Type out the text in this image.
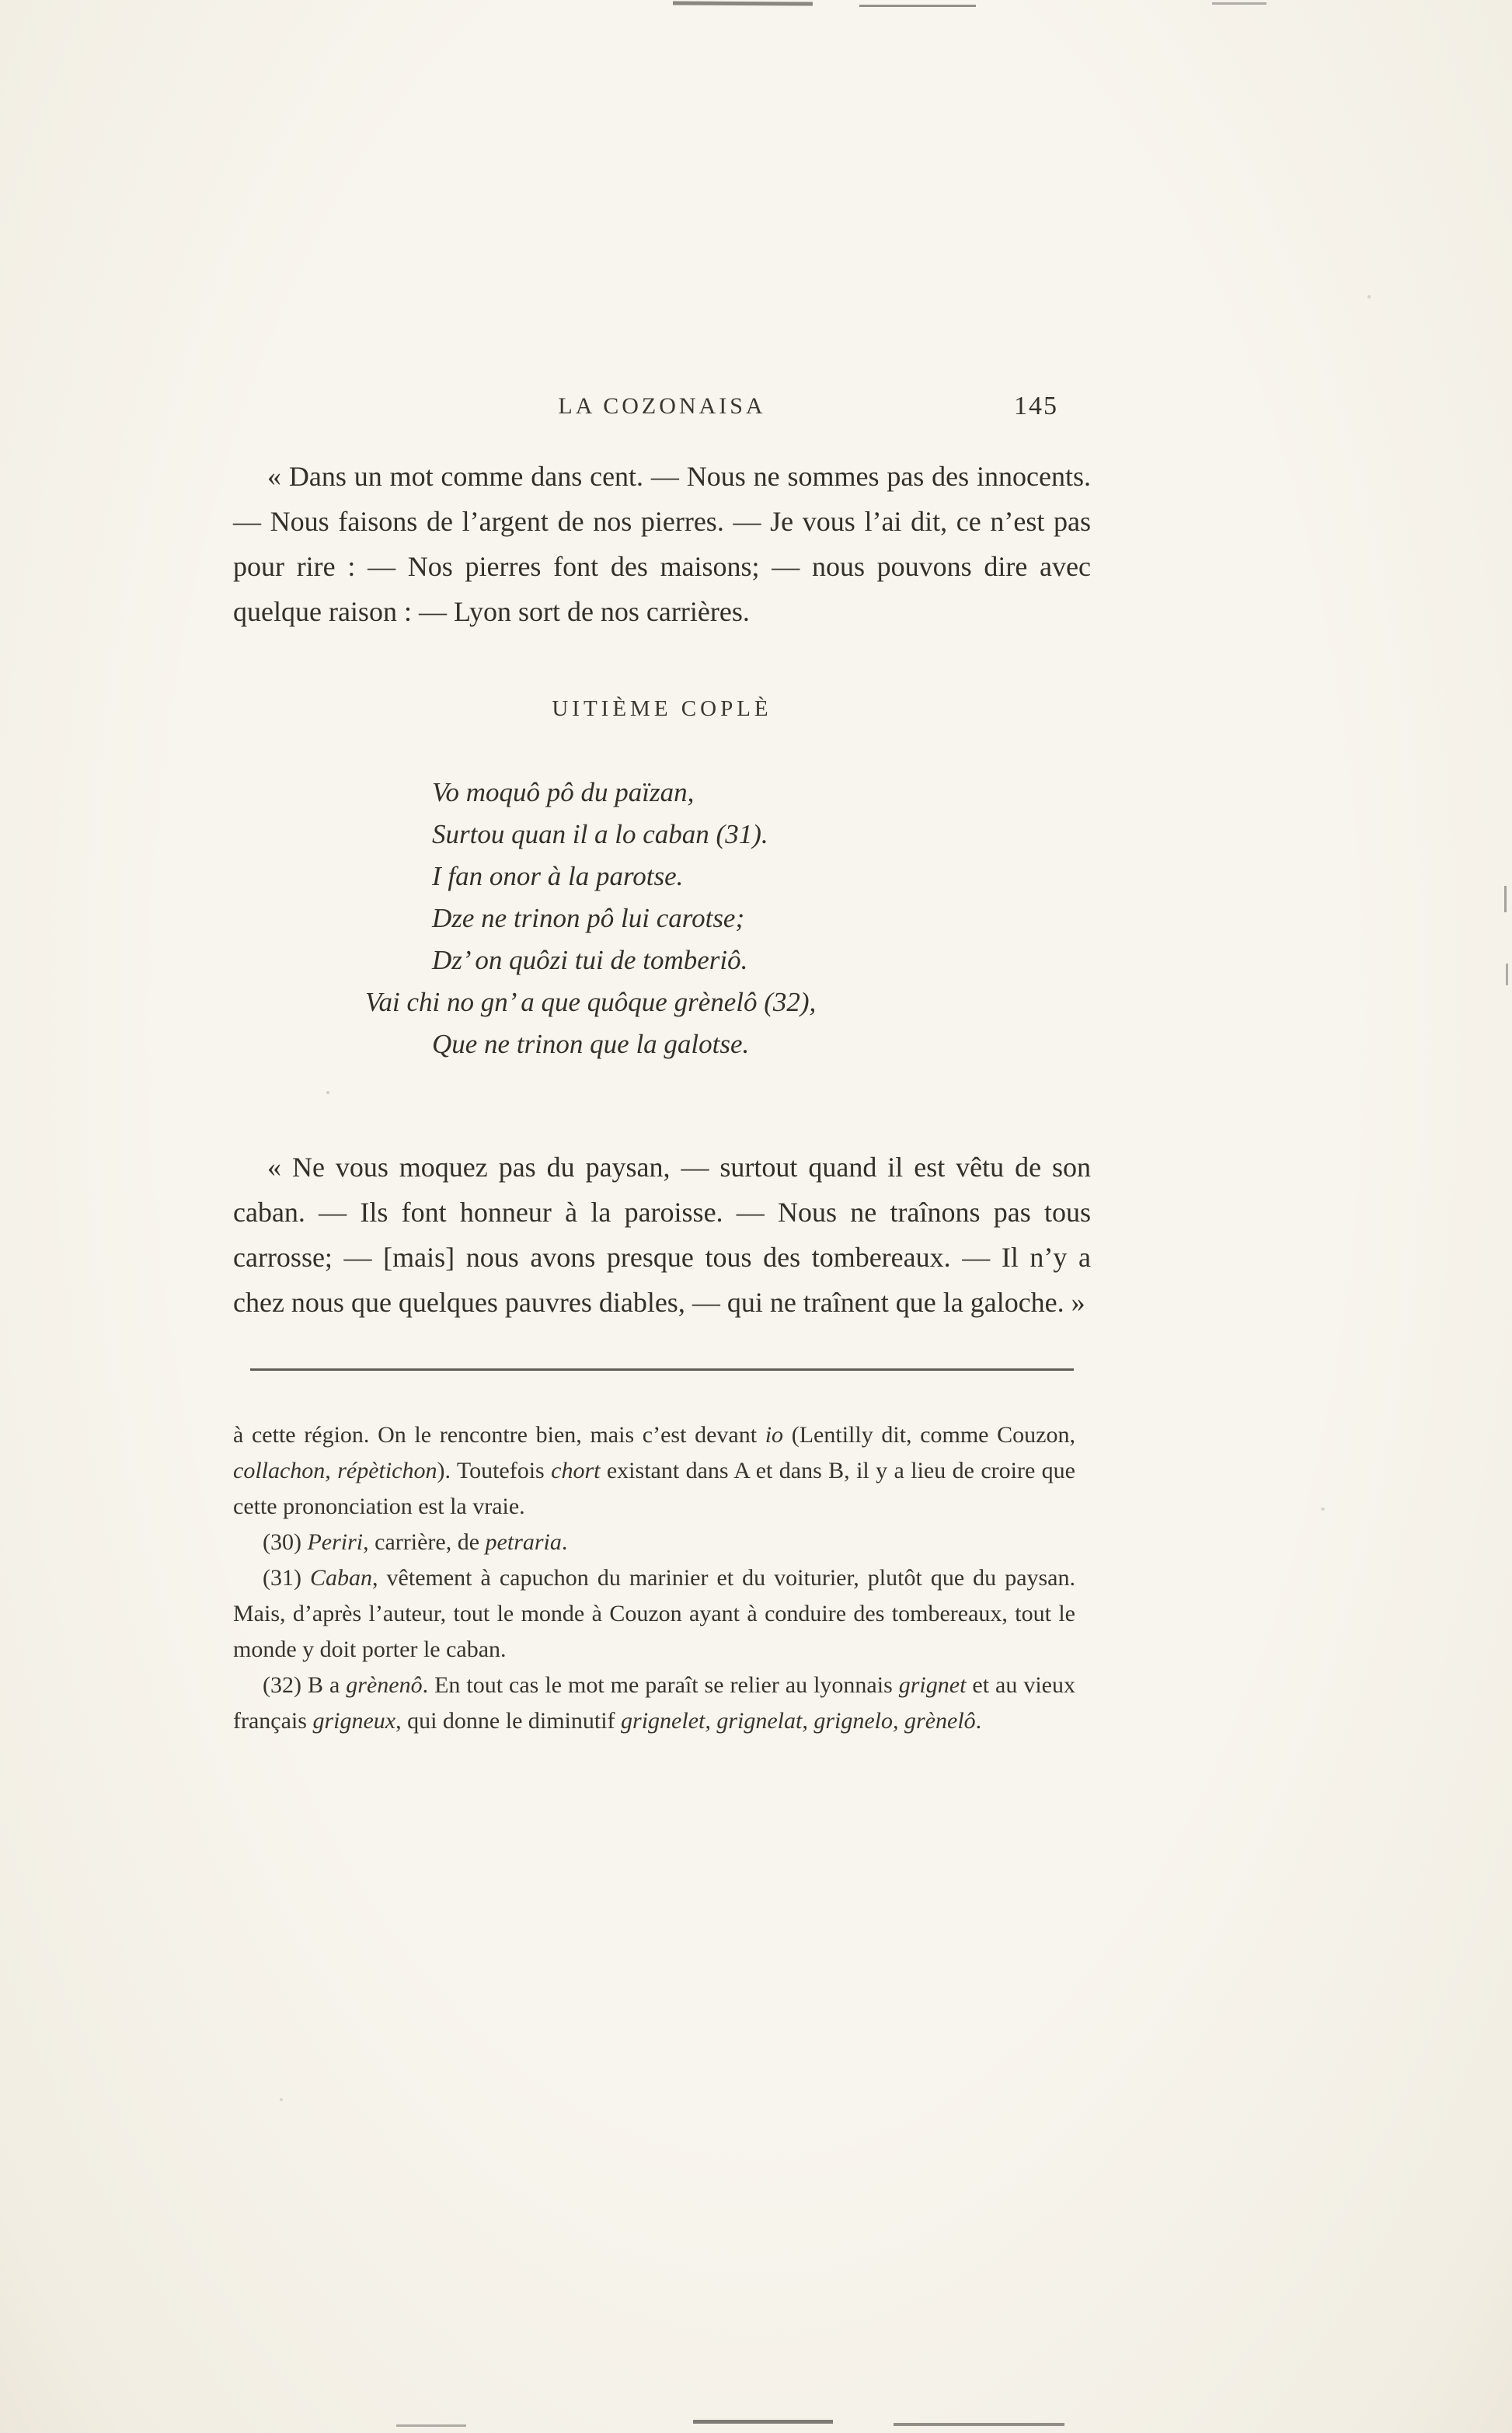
LA COZONAISA	145

« Dans un mot comme dans cent. — Nous ne sommes pas des innocents. — Nous faisons de l’argent de nos pierres. — Je vous l’ai dit, ce n’est pas pour rire : — Nos pierres font des maisons; — nous pouvons dire avec quelque raison : — Lyon sort de nos carrières.

UITIÈME COPLÈ
Vo moquô pô du païzan,
Surtou quan il a lo caban (31).
I fan onor à la parotse.
Dze ne trinon pô lui carotse;
Dz’ on quôzi tui de tomberiô.
Vai chi no gn’ a que quôque grènelô (32),
Que ne trinon que la galotse.

« Ne vous moquez pas du paysan, — surtout quand il est vêtu de son caban. — Ils font honneur à la paroisse. — Nous ne traînons pas tous carrosse; — [mais] nous avons presque tous des tombereaux. — Il n’y a chez nous que quelques pauvres diables, — qui ne traînent que la galoche. »

à cette région. On le rencontre bien, mais c’est devant io (Lentilly dit, comme Couzon, collachon, répètichon). Toutefois chort existant dans A et dans B, il y a lieu de croire que cette prononciation est la vraie.

(30) Periri, carrière, de petraria.

(31) Caban, vêtement à capuchon du marinier et du voiturier, plutôt que du paysan. Mais, d’après l’auteur, tout le monde à Couzon ayant à conduire des tombereaux, tout le monde y doit porter le caban.

(32) B a grènenô. En tout cas le mot me paraît se relier au lyonnais grignet et au vieux français grigneux, qui donne le diminutif grignelet, grignelat, grignelo, grènelô.
